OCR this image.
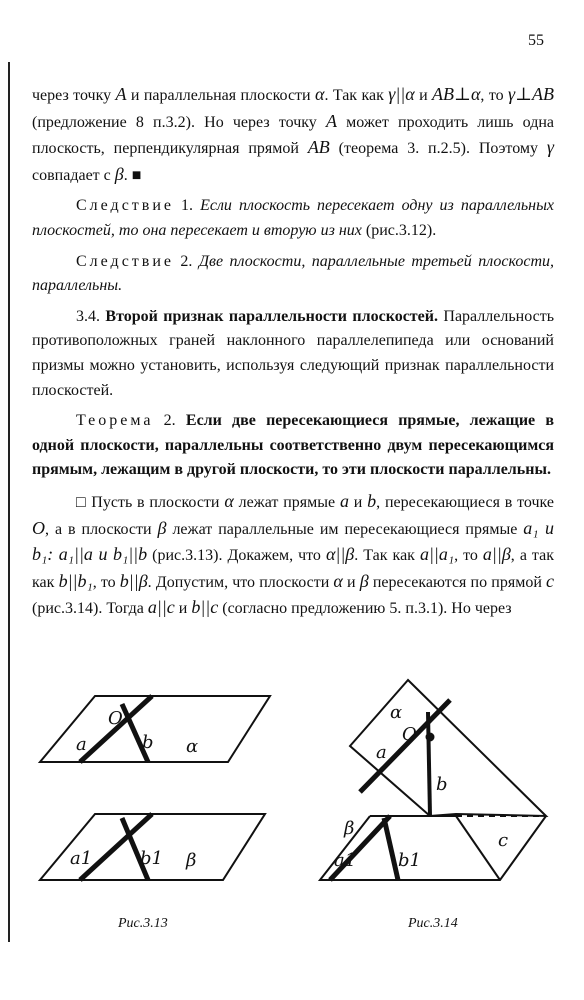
55

через точку A и параллельная плоскости α. Так как γ||α и AB⊥α, то γ⊥AB (предложение 8 п.3.2). Но через точку A может проходить лишь одна плоскость, перпендикулярная прямой AB (теорема 3. п.2.5). Поэтому γ совпадает с β. ■

Следствие 1. Если плоскость пересекает одну из параллельных плоскостей, то она пересекает и вторую из них (рис.3.12).

Следствие 2. Две плоскости, параллельные третьей плоскости, параллельны.

3.4. Второй признак параллельности плоскостей. Параллельность противоположных граней наклонного параллелепипеда или оснований призмы можно установить, используя следующий признак параллельности плоскостей.

Теорема 2. Если две пересекающиеся прямые, лежащие в одной плоскости, параллельны соответственно двум пересекающимся прямым, лежащим в другой плоскости, то эти плоскости параллельны.

□ Пусть в плоскости α лежат прямые a и b, пересекающиеся в точке O, а в плоскости β лежат параллельные им пересекающиеся прямые a₁ и b₁: a₁||a и b₁||b (рис.3.13). Докажем, что α||β. Так как a||a₁, то a||β, а так как b||b₁, то b||β. Допустим, что плоскости α и β пересекаются по прямой c (рис.3.14). Тогда a||c и b||c (согласно предложению 5. п.3.1). Но через

O
a	b α
a1	b1 β
α
O
a
b
β
a1 b1
c
Рис.3.13	Рис.3.14
